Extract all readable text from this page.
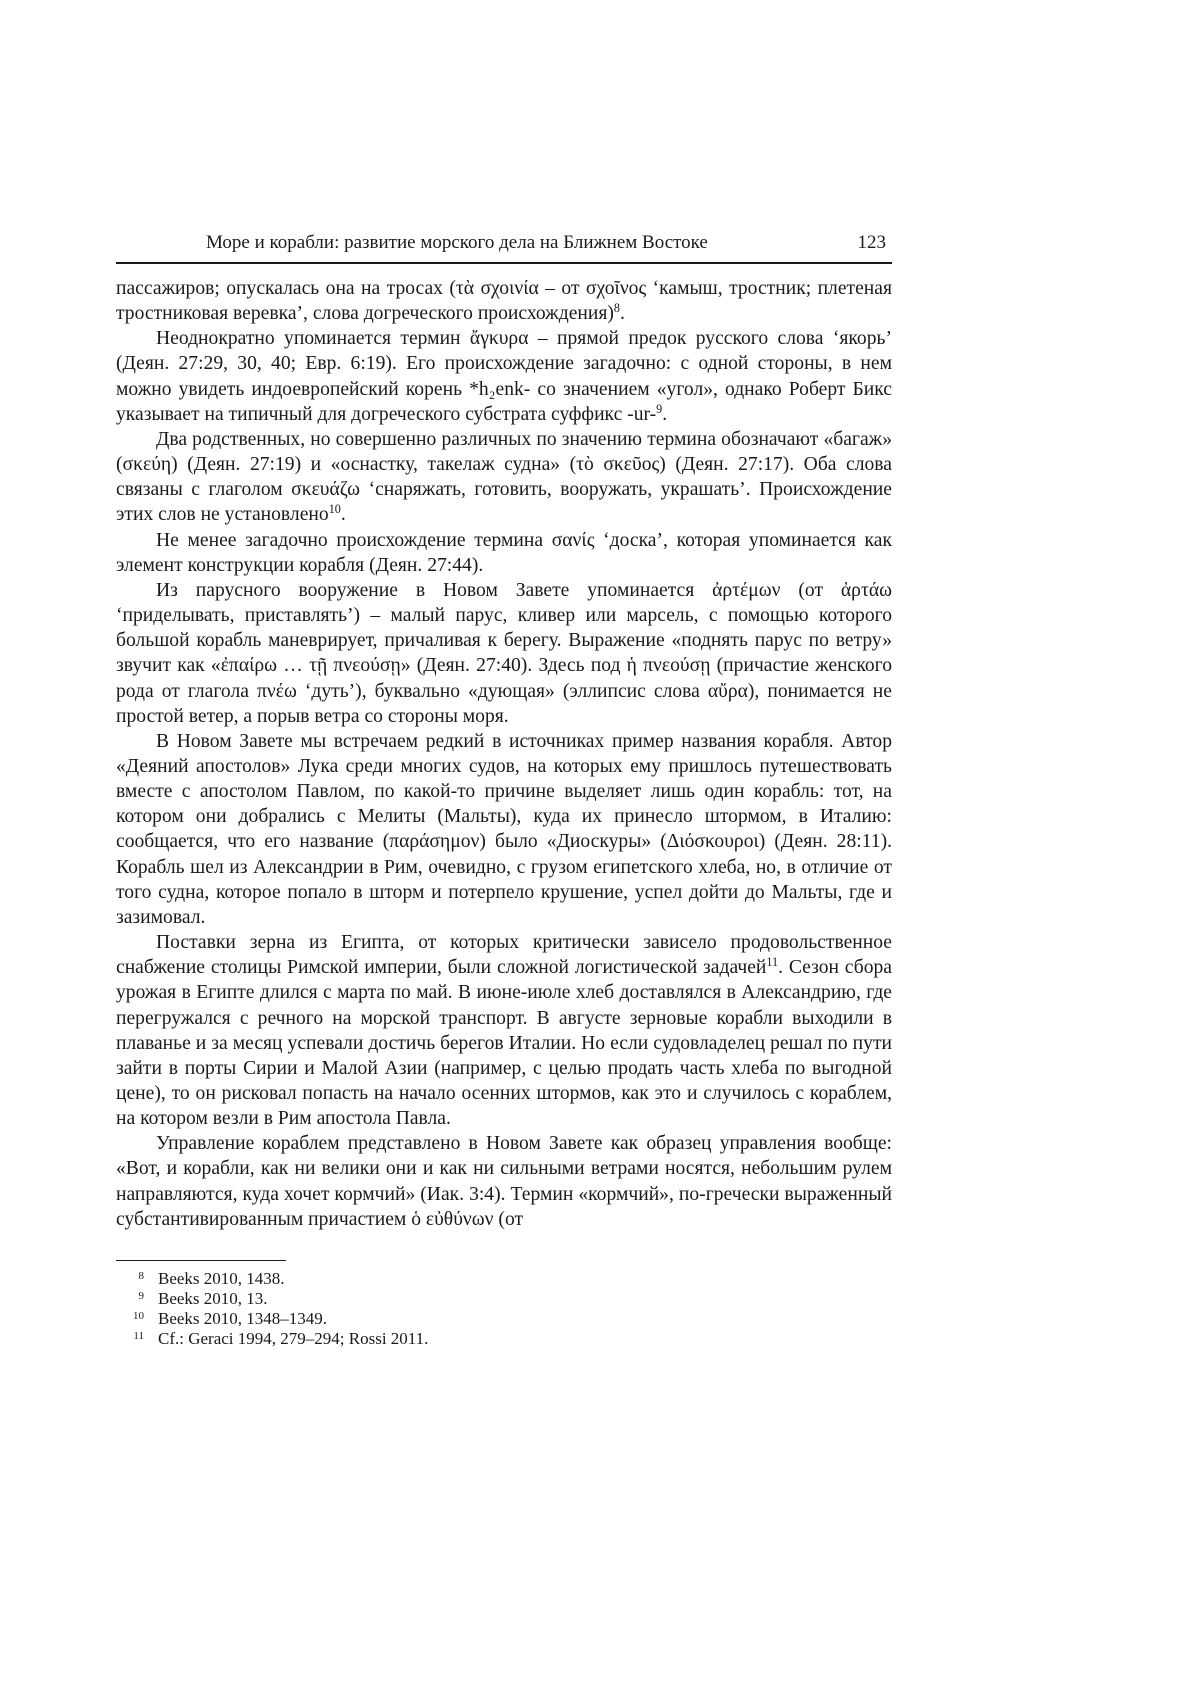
Море и корабли: развитие морского дела на Ближнем Востоке	123

пассажиров; опускалась она на тросах (τὰ σχοινία – от σχοῖνος ‘камыш, тростник; плетеная тростниковая веревка’, слова догреческого происхождения)$^8$.

Неоднократно упоминается термин ἄγκυρα – прямой предок русского слова ‘якорь’ (Деян. 27:29, 30, 40; Евр. 6:19). Его происхождение загадочно: с одной стороны, в нем можно увидеть индоевропейский корень *h₂enk- со значением «угол», однако Роберт Бикс указывает на типичный для догреческого субстрата суффикс -ur-$^9$.

Два родственных, но совершенно различных по значению термина обозначают «багаж» (σκεύη) (Деян. 27:19) и «оснастку, такелаж судна» (τὸ σκεῦος) (Деян. 27:17). Оба слова связаны с глаголом σκευάζω ‘снаряжать, готовить, вооружать, украшать’. Происхождение этих слов не установлено$^{10}$.

Не менее загадочно происхождение термина σανίς ‘доска’, которая упоминается как элемент конструкции корабля (Деян. 27:44).

Из парусного вооружение в Новом Завете упоминается ἀρτέμων (от ἀρτάω ‘приделывать, приставлять’) – малый парус, кливер или марсель, с помощью которого большой корабль маневрирует, причаливая к берегу. Выражение «поднять парус по ветру» звучит как «ἐπαίρω … τῇ πνεούσῃ» (Деян. 27:40). Здесь под ἡ πνεούσῃ (причастие женского рода от глагола πνέω ‘дуть’), буквально «дующая» (эллипсис слова αὔρα), понимается не простой ветер, а порыв ветра со стороны моря.

В Новом Завете мы встречаем редкий в источниках пример названия корабля. Автор «Деяний апостолов» Лука среди многих судов, на которых ему пришлось путешествовать вместе с апостолом Павлом, по какой-то причине выделяет лишь один корабль: тот, на котором они добрались с Мелиты (Мальты), куда их принесло штормом, в Италию: сообщается, что его название (παράσημον) было «Диоскуры» (Διόσκουροι) (Деян. 28:11). Корабль шел из Александрии в Рим, очевидно, с грузом египетского хлеба, но, в отличие от того судна, которое попало в шторм и потерпело крушение, успел дойти до Мальты, где и зазимовал.

Поставки зерна из Египта, от которых критически зависело продовольственное снабжение столицы Римской империи, были сложной логистической задачей$^{11}$. Сезон сбора урожая в Египте длился с марта по май. В июне-июле хлеб доставлялся в Александрию, где перегружался с речного на морской транспорт. В августе зерновые корабли выходили в плаванье и за месяц успевали достичь берегов Италии. Но если судовладелец решал по пути зайти в порты Сирии и Малой Азии (например, с целью продать часть хлеба по выгодной цене), то он рисковал попасть на начало осенних штормов, как это и случилось с кораблем, на котором везли в Рим апостола Павла.

Управление кораблем представлено в Новом Завете как образец управления вообще: «Вот, и корабли, как ни велики они и как ни сильными ветрами носятся, небольшим рулем направляются, куда хочет кормчий» (Иак. 3:4). Термин «кормчий», по-гречески выраженный субстантивированным причастием ὁ εὐθύνων (от

8 Beeks 2010, 1438.
9 Beeks 2010, 13.
10 Beeks 2010, 1348–1349.
11 Cf.: Geraci 1994, 279–294; Rossi 2011.
